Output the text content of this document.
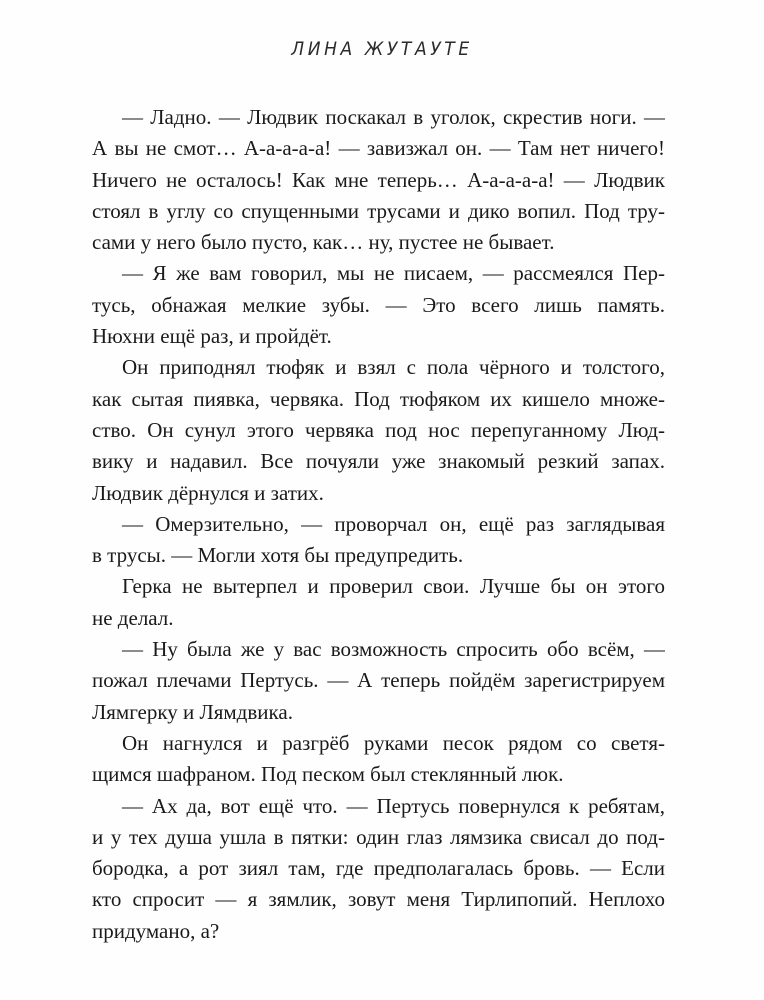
ЛИНА ЖУТАУТЕ
— Ладно. — Людвик поскакал в уголок, скрестив ноги. —
А вы не смот… А-а-а-а-а! — завизжал он. — Там нет ничего!
Ничего не осталось! Как мне теперь… А-а-а-а-а! — Людвик
стоял в углу со спущенными трусами и дико вопил. Под тру-
сами у него было пусто, как… ну, пустее не бывает.
— Я же вам говорил, мы не писаем, — рассмеялся Пер-
тусь, обнажая мелкие зубы. — Это всего лишь память.
Нюхни ещё раз, и пройдёт.
Он приподнял тюфяк и взял с пола чёрного и толстого,
как сытая пиявка, червяка. Под тюфяком их кишело множе-
ство. Он сунул этого червяка под нос перепуганному Люд-
вику и надавил. Все почуяли уже знакомый резкий запах.
Людвик дёрнулся и затих.
— Омерзительно, — проворчал он, ещё раз заглядывая
в трусы. — Могли хотя бы предупредить.
Герка не вытерпел и проверил свои. Лучше бы он этого
не делал.
— Ну была же у вас возможность спросить обо всём, —
пожал плечами Пертусь. — А теперь пойдём зарегистрируем
Лямгерку и Лямдвика.
Он нагнулся и разгрёб руками песок рядом со светя-
щимся шафраном. Под песком был стеклянный люк.
— Ах да, вот ещё что. — Пертусь повернулся к ребятам,
и у тех душа ушла в пятки: один глаз лямзика свисал до под-
бородка, а рот зиял там, где предполагалась бровь. — Если
кто спросит — я зямлик, зовут меня Тирлипопий. Неплохо
придумано, а?
